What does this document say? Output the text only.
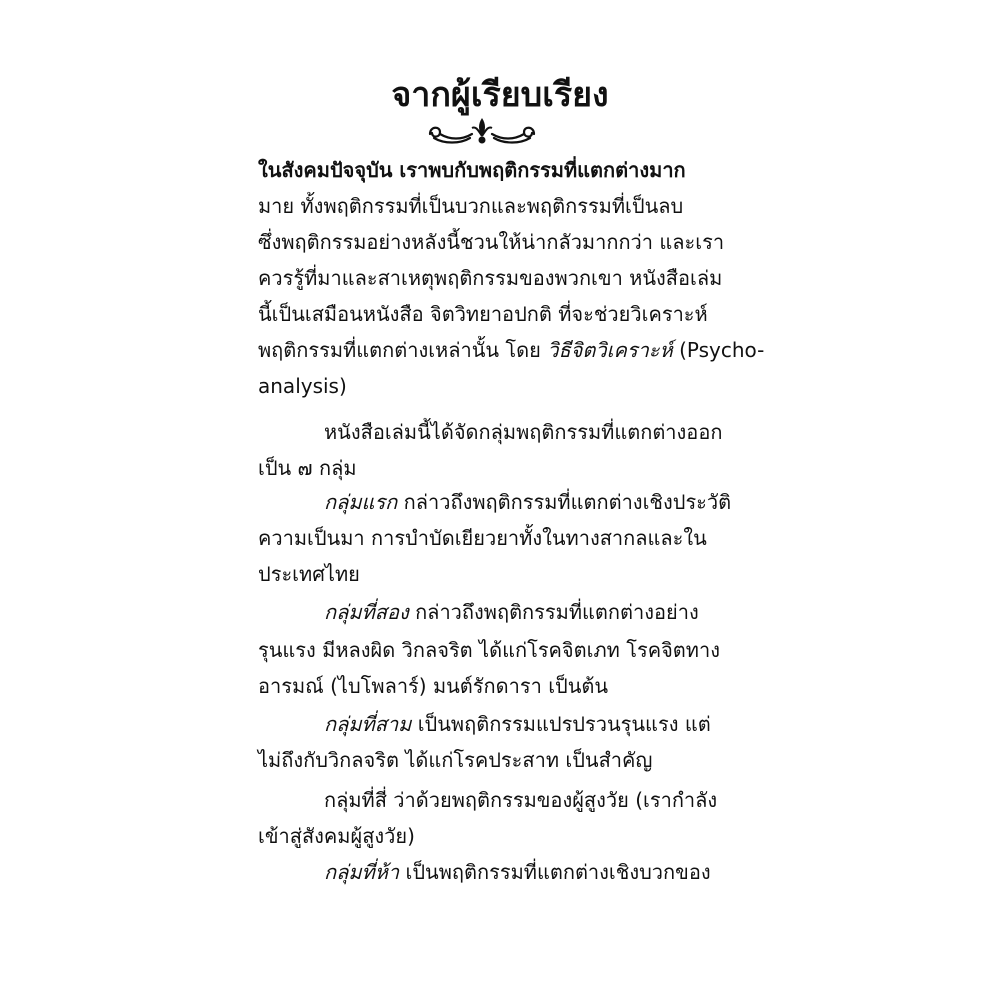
จากผู้เรียบเรียง

ในสังคมปัจจุบัน เราพบกับพฤติกรรมที่แตกต่างมาก

มาย ทั้งพฤติกรรมที่เป็นบวกและพฤติกรรมที่เป็นลบ

ซึ่งพฤติกรรมอย่างหลังนี้ชวนให้น่ากลัวมากกว่า และเรา

ควรรู้ที่มาและสาเหตุพฤติกรรมของพวกเขา หนังสือเล่ม

นี้เป็นเสมือนหนังสือ จิตวิทยาอปกติ ที่จะช่วยวิเคราะห์

พฤติกรรมที่แตกต่างเหล่านั้น โดย วิธีจิตวิเคราะห์ (Psycho-

analysis)

หนังสือเล่มนี้ได้จัดกลุ่มพฤติกรรมที่แตกต่างออก

เป็น ๗ กลุ่ม

กลุ่มแรก กล่าวถึงพฤติกรรมที่แตกต่างเชิงประวัติ

ความเป็นมา การบำบัดเยียวยาทั้งในทางสากลและใน

ประเทศไทย

กลุ่มที่สอง กล่าวถึงพฤติกรรมที่แตกต่างอย่าง

รุนแรง มีหลงผิด วิกลจริต ได้แก่โรคจิตเภท โรคจิตทาง

อารมณ์ (ไบโพลาร์) มนต์รักดารา เป็นต้น

กลุ่มที่สาม เป็นพฤติกรรมแปรปรวนรุนแรง แต่

ไม่ถึงกับวิกลจริต ได้แก่โรคประสาท เป็นสำคัญ

กลุ่มที่สี่ ว่าด้วยพฤติกรรมของผู้สูงวัย (เรากำลัง

เข้าสู่สังคมผู้สูงวัย)

กลุ่มที่ห้า เป็นพฤติกรรมที่แตกต่างเชิงบวกของ
